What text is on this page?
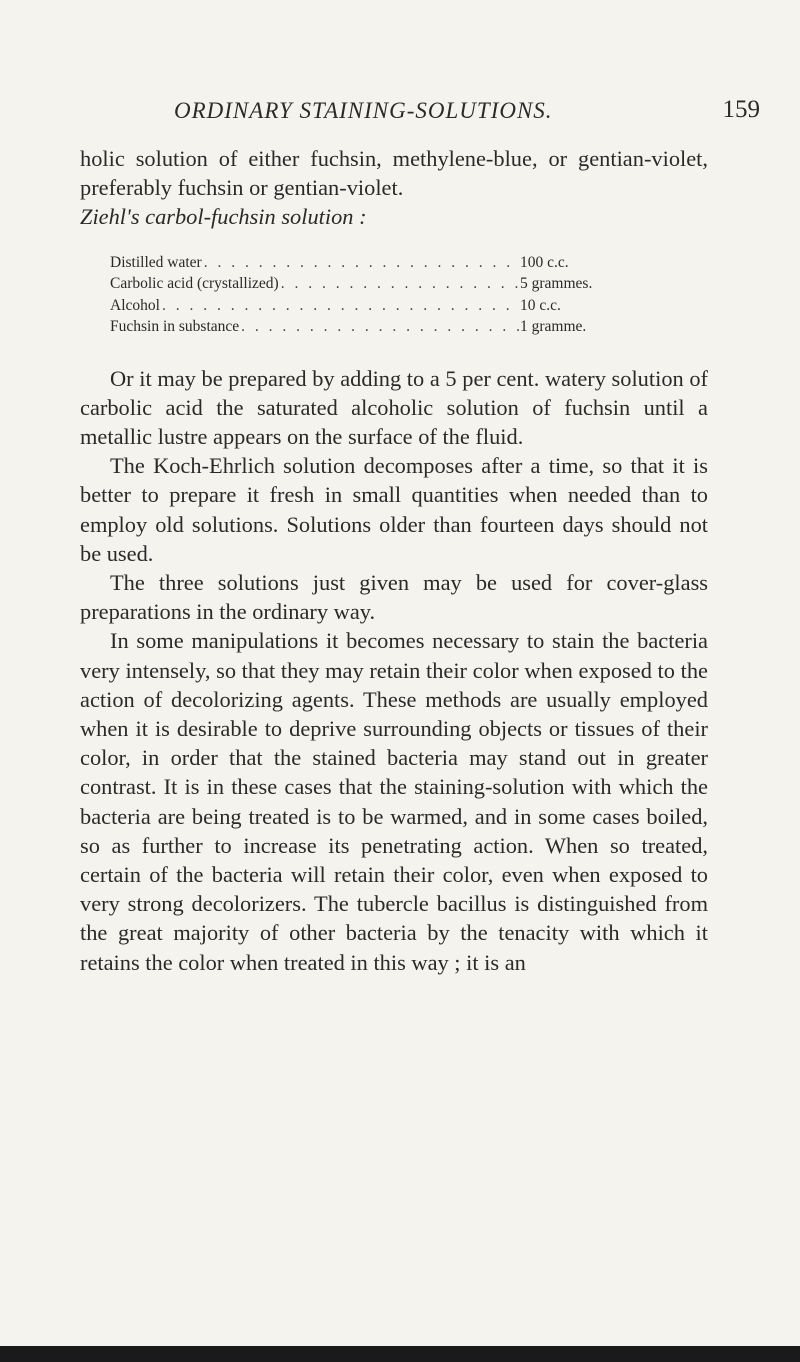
ORDINARY STAINING-SOLUTIONS.	159

holic solution of either fuchsin, methylene-blue, or gentian-violet, preferably fuchsin or gentian-violet.

Ziehl's carbol-fuchsin solution :

Distilled water . . .	100 c.c.
Carbolic acid (crystallized) . . .	5 grammes.
Alcohol . . .	10 c.c.
Fuchsin in substance . . .	1 gramme.

Or it may be prepared by adding to a 5 per cent. watery solution of carbolic acid the saturated alcoholic solution of fuchsin until a metallic lustre appears on the surface of the fluid.

The Koch-Ehrlich solution decomposes after a time, so that it is better to prepare it fresh in small quantities when needed than to employ old solutions. Solutions older than fourteen days should not be used.

The three solutions just given may be used for cover-glass preparations in the ordinary way.

In some manipulations it becomes necessary to stain the bacteria very intensely, so that they may retain their color when exposed to the action of decolorizing agents. These methods are usually employed when it is desirable to deprive surrounding objects or tissues of their color, in order that the stained bacteria may stand out in greater contrast. It is in these cases that the staining-solution with which the bacteria are being treated is to be warmed, and in some cases boiled, so as further to increase its penetrating action. When so treated, certain of the bacteria will retain their color, even when exposed to very strong decolorizers. The tubercle bacillus is distinguished from the great majority of other bacteria by the tenacity with which it retains the color when treated in this way ; it is an
